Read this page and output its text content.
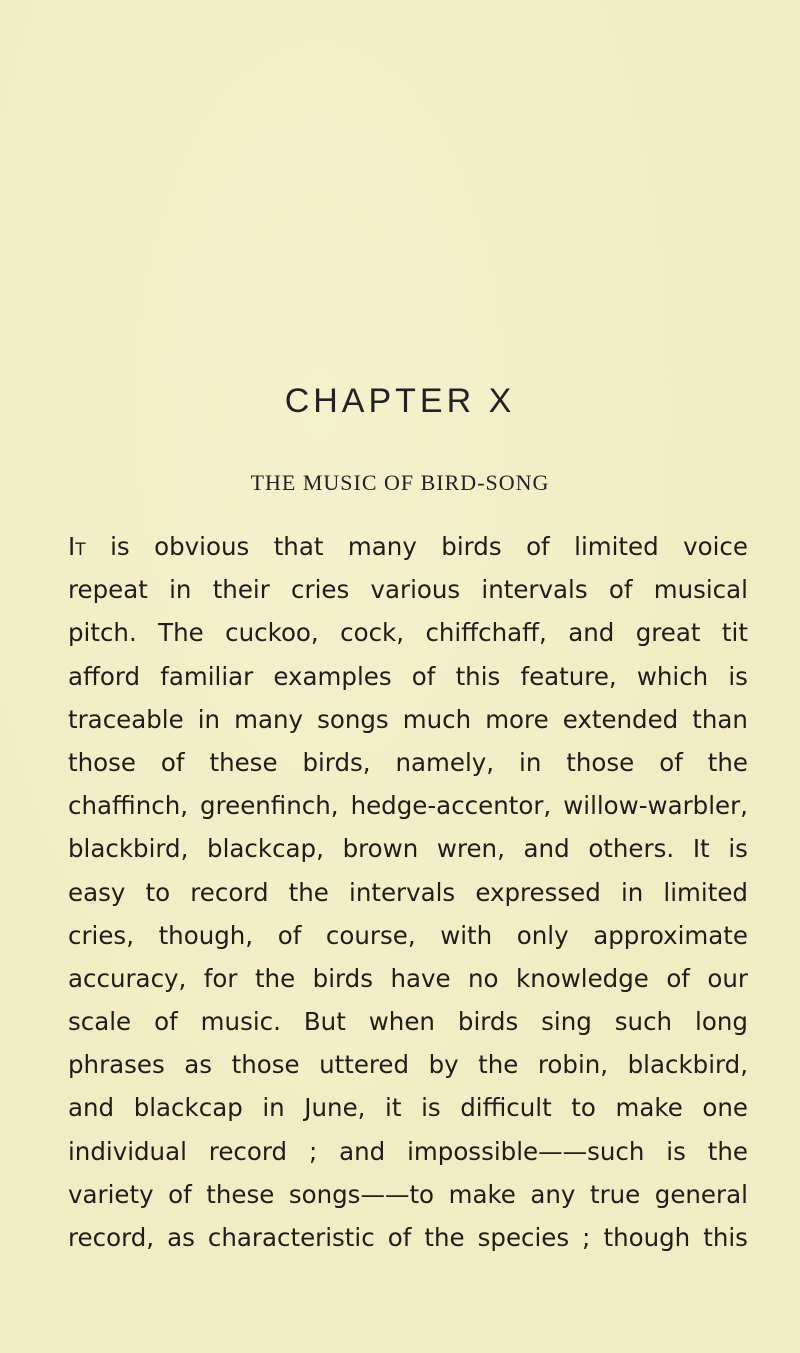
CHAPTER X
THE MUSIC OF BIRD-SONG
It is obvious that many birds of limited voice
repeat in their cries various intervals of musical
pitch. The cuckoo, cock, chiffchaff, and great tit
afford familiar examples of this feature, which is
traceable in many songs much more extended than
those of these birds, namely, in those of the
chaffinch, greenfinch, hedge-accentor, willow-warbler,
blackbird, blackcap, brown wren, and others. It is
easy to record the intervals expressed in limited
cries, though, of course, with only approximate
accuracy, for the birds have no knowledge of our
scale of music. But when birds sing such long
phrases as those uttered by the robin, blackbird,
and blackcap in June, it is difficult to make one
individual record ; and impossible——such is the
variety of these songs——to make any true general
record, as characteristic of the species ; though this
